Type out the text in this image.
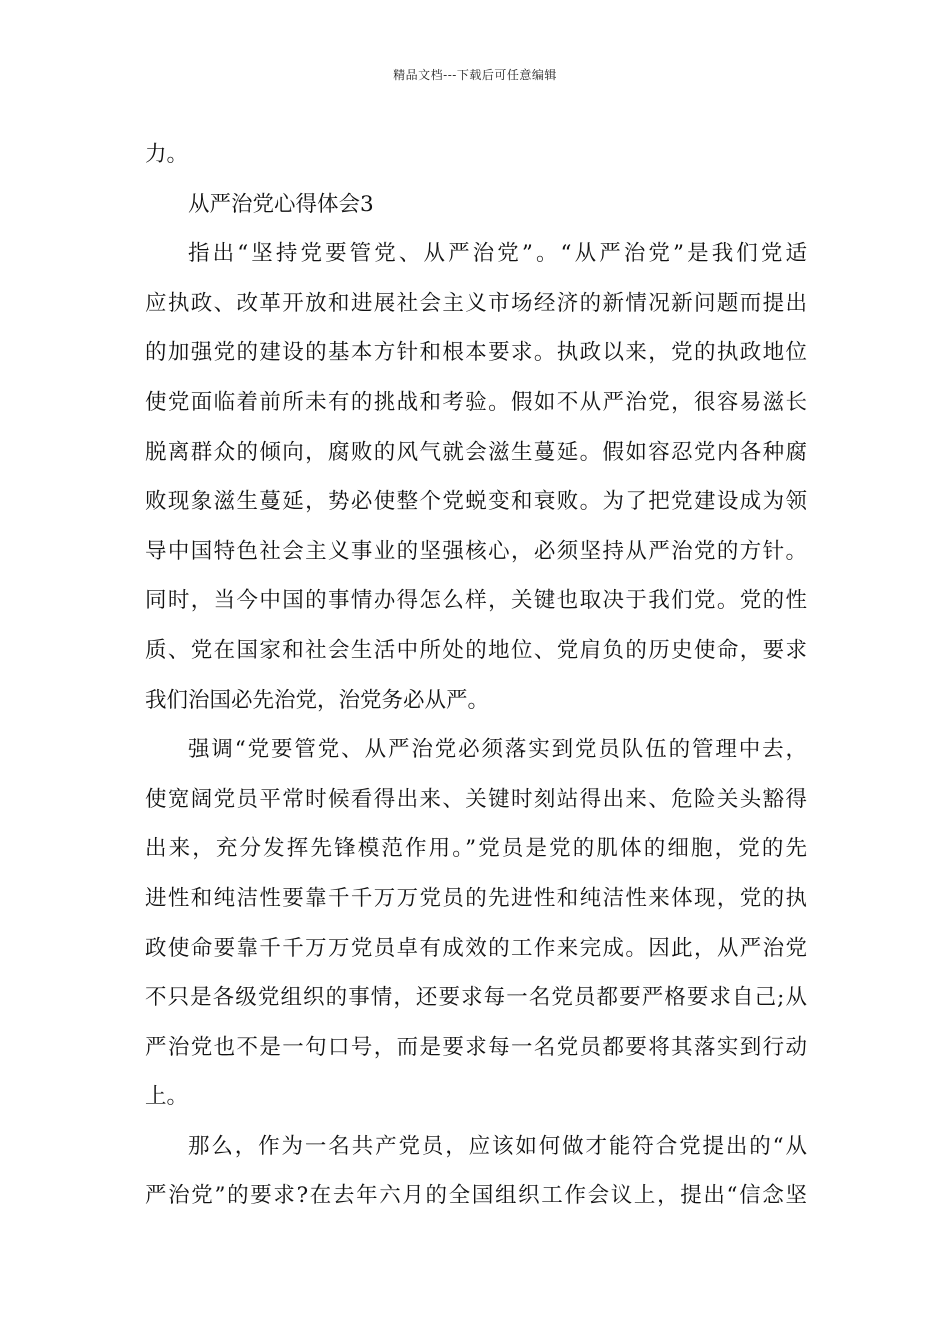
精品文档---下载后可任意编辑
力。
从严治党心得体会3
指出“坚持党要管党、从严治党”。“从严治党”是我们党适
应执政、改革开放和进展社会主义市场经济的新情况新问题而提出
的加强党的建设的基本方针和根本要求。执政以来，党的执政地位
使党面临着前所未有的挑战和考验。假如不从严治党，很容易滋长
脱离群众的倾向，腐败的风气就会滋生蔓延。假如容忍党内各种腐
败现象滋生蔓延，势必使整个党蜕变和衰败。为了把党建设成为领
导中国特色社会主义事业的坚强核心，必须坚持从严治党的方针。
同时，当今中国的事情办得怎么样，关键也取决于我们党。党的性
质、党在国家和社会生活中所处的地位、党肩负的历史使命，要求
我们治国必先治党，治党务必从严。
强调“党要管党、从严治党必须落实到党员队伍的管理中去，
使宽阔党员平常时候看得出来、关键时刻站得出来、危险关头豁得
出来，充分发挥先锋模范作用。”党员是党的肌体的细胞，党的先
进性和纯洁性要靠千千万万党员的先进性和纯洁性来体现，党的执
政使命要靠千千万万党员卓有成效的工作来完成。因此，从严治党
不只是各级党组织的事情，还要求每一名党员都要严格要求自己;从
严治党也不是一句口号，而是要求每一名党员都要将其落实到行动
上。
那么，作为一名共产党员，应该如何做才能符合党提出的“从
严治党”的要求?在去年六月的全国组织工作会议上，提出“信念坚
